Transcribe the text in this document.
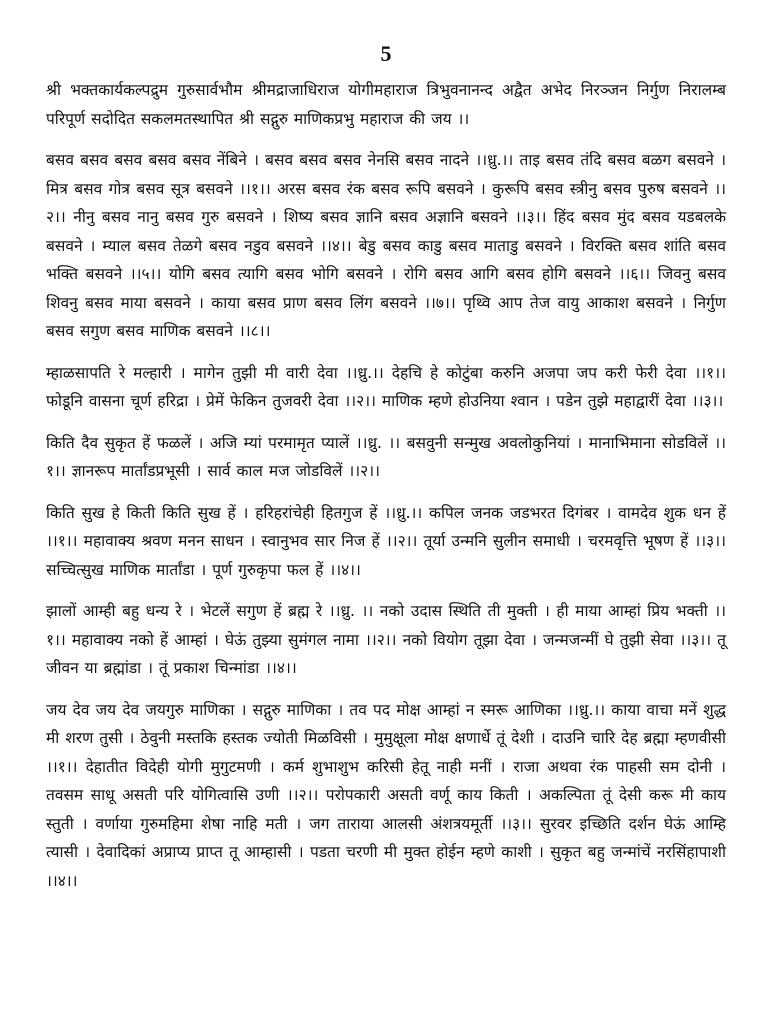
5

श्री भक्तकार्यकल्पद्रुम गुरुसार्वभौम श्रीमद्राजाधिराज योगीमहाराज त्रिभुवनानन्द अद्वैत अभेद निरञ्जन निर्गुण निरालम्ब परिपूर्ण सदोदित सकलमतस्थापित श्री सद्गुरु माणिकप्रभु महाराज की जय ।।

बसव बसव बसव बसव बसव नेंबिने । बसव बसव बसव नेनसि बसव नादने ।।ध्रु.।। ताइ बसव तंदि बसव बळग बसवने । मित्र बसव गोत्र बसव सूत्र बसवने ।।१।। अरस बसव रंक बसव रूपि बसवने । कुरूपि बसव स्त्रीनु बसव पुरुष बसवने ।।२।। नीनु बसव नानु बसव गुरु बसवने । शिष्य बसव ज्ञानि बसव अज्ञानि बसवने ।।३।। हिंद बसव मुंद बसव यडबलके बसवने । म्याल बसव तेळगे बसव नडुव बसवने ।।४।। बेडु बसव काडु बसव माताडु बसवने । विरक्ति बसव शांति बसव भक्ति बसवने ।।५।। योगि बसव त्यागि बसव भोगि बसवने । रोगि बसव आगि बसव होगि बसवने ।।६।। जिवनु बसव शिवनु बसव माया बसवने । काया बसव प्राण बसव लिंग बसवने ।।७।। पृथ्वि आप तेज वायु आकाश बसवने । निर्गुण बसव सगुण बसव माणिक बसवने ।।८।।

म्हाळसापति रे मल्हारी । मागेन तुझी मी वारी देवा ।।ध्रु.।। देहचि हे कोटुंबा करुनि अजपा जप करी फेरी देवा ।।१।। फोडूनि वासना चूर्ण हरिद्रा । प्रेमें फेकिन तुजवरी देवा ।।२।। माणिक म्हणे होउनिया श्वान । पडेन तुझे महाद्वारीं देवा ।।३।।

किति दैव सुकृत हें फळलें । अजि म्यां परमामृत प्यालें ।।ध्रु. ।। बसवुनी सन्मुख अवलोकुनियां । मानाभिमाना सोडविलें ।।१।। ज्ञानरूप मार्तांडप्रभूसी । सार्व काल मज जोडविलें ।।२।।

किति सुख हे किती किति सुख हें । हरिहरांचेही हितगुज हें ।।ध्रु.।। कपिल जनक जडभरत दिगंबर । वामदेव शुक धन हें ।।१।। महावाक्य श्रवण मनन साधन । स्वानुभव सार निज हें ।।२।। तूर्या उन्मनि सुलीन समाधी । चरमवृत्ति भूषण हें ।।३।। सच्चित्सुख माणिक मार्तांडा । पूर्ण गुरुकृपा फल हें ।।४।।

झालों आम्ही बहु धन्य रे । भेटलें सगुण हें ब्रह्म रे ।।ध्रु. ।। नको उदास स्थिति ती मुक्ती । ही माया आम्हां प्रिय भक्ती ।।१।। महावाक्य नको हें आम्हां । घेऊं तुझ्या सुमंगल नामा ।।२।। नको वियोग तूझा देवा । जन्मजन्मीं घे तुझी सेवा ।।३।। तू जीवन या ब्रह्मांडा । तूं प्रकाश चिन्मांडा ।।४।।

जय देव जय देव जयगुरु माणिका । सद्गुरु माणिका । तव पद मोक्ष आम्हां न स्मरू आणिका ।।ध्रु.।। काया वाचा मनें शुद्ध मी शरण तुसी । ठेवुनी मस्तकि हस्तक ज्योती मिळविसी । मुमुक्षूला मोक्ष क्षणार्धे तूं देशी । दाउनि चारि देह ब्रह्मा म्हणवीसी ।।१।। देहातीत विदेही योगी मुगुटमणी । कर्म शुभाशुभ करिसी हेतू नाही मनीं । राजा अथवा रंक पाहसी सम दोनी । तवसम साधू असती परि योगित्वासि उणी ।।२।। परोपकारी असती वर्णू काय किती । अकल्पिता तूं देसी करू मी काय स्तुती । वर्णाया गुरुमहिमा शेषा नाहि मती । जग ताराया आलसी अंशत्रयमूर्ती ।।३।। सुरवर इच्छिति दर्शन घेऊं आम्हि त्यासी । देवादिकां अप्राप्य प्राप्त तू आम्हासी । पडता चरणी मी मुक्त होईन म्हणे काशी । सुकृत बहु जन्मांचें नरसिंहापाशी ।।४।।
